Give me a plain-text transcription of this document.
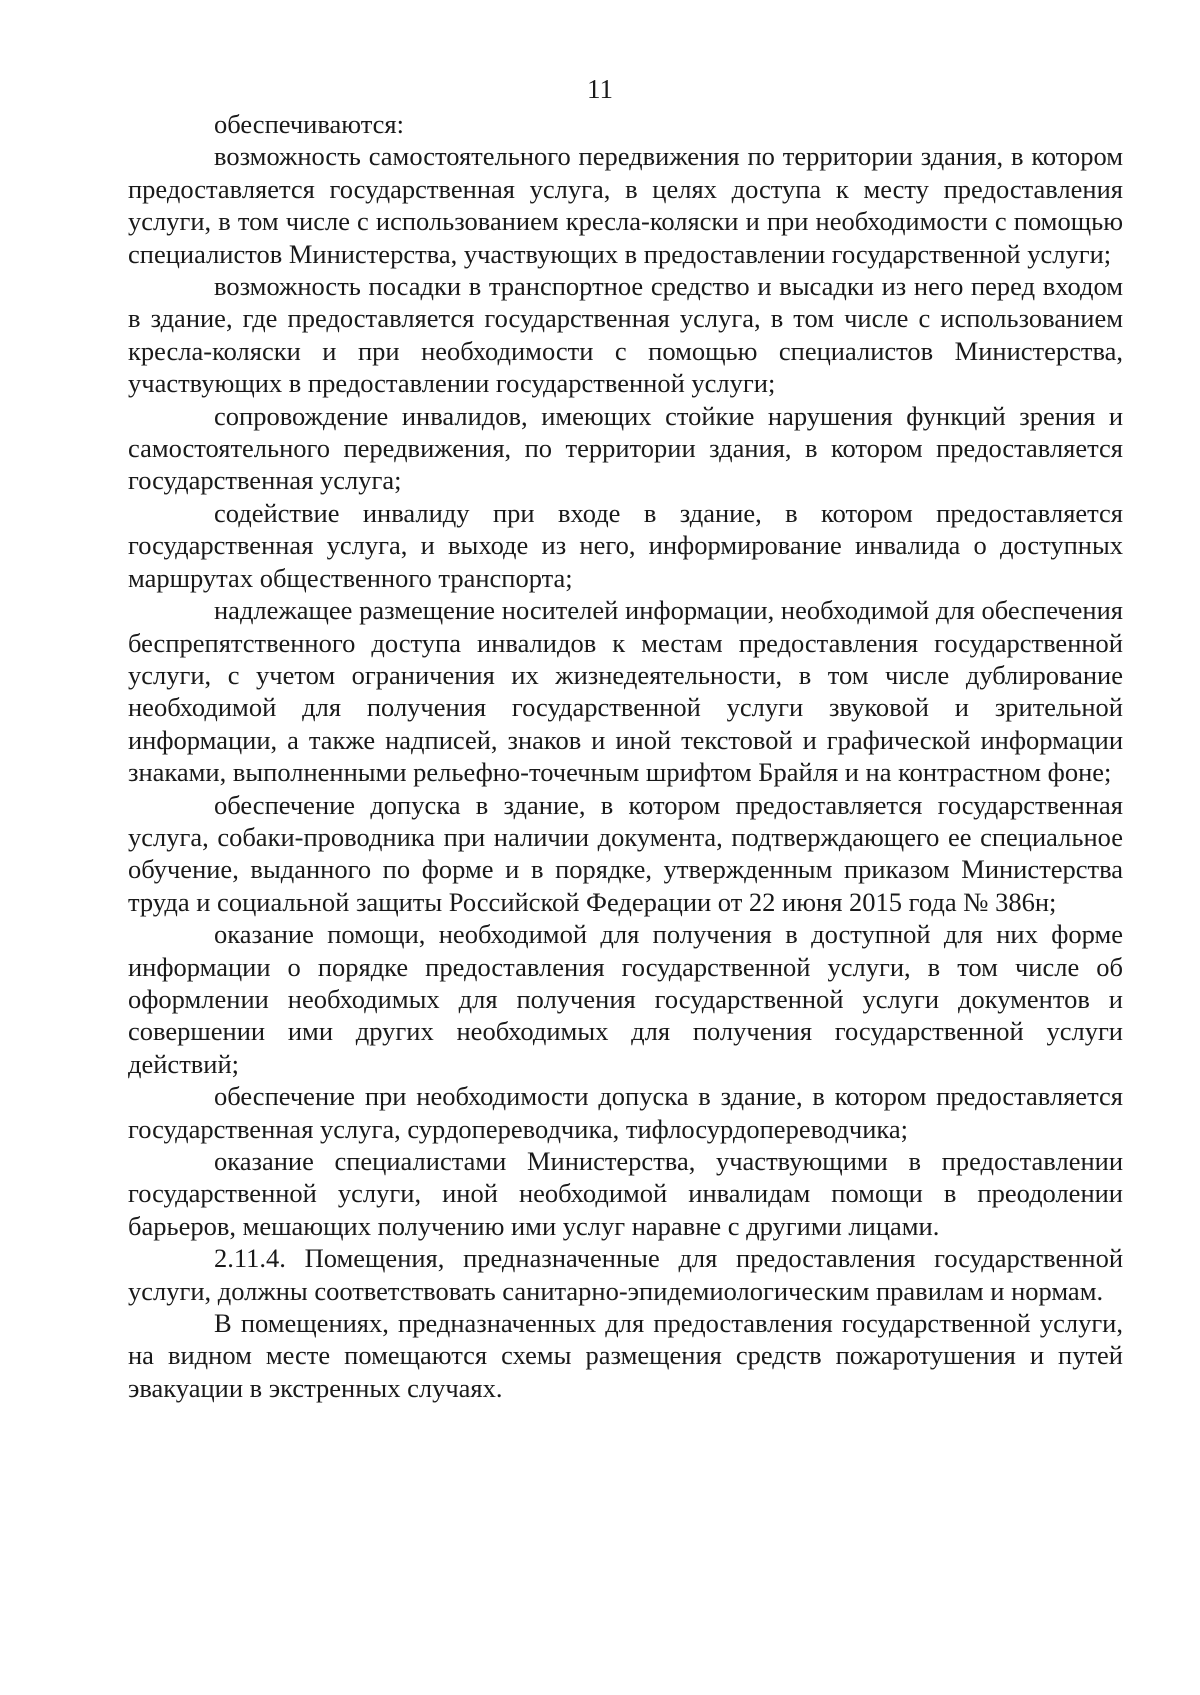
11

обеспечиваются:

возможность самостоятельного передвижения по территории здания, в котором предоставляется государственная услуга, в целях доступа к месту предоставления услуги, в том числе с использованием кресла-коляски и при необходимости с помощью специалистов Министерства, участвующих в предоставлении государственной услуги;

возможность посадки в транспортное средство и высадки из него перед входом в здание, где предоставляется государственная услуга, в том числе с использованием кресла-коляски и при необходимости с помощью специалистов Министерства, участвующих в предоставлении государственной услуги;

сопровождение инвалидов, имеющих стойкие нарушения функций зрения и самостоятельного передвижения, по территории здания, в котором предоставляется государственная услуга;

содействие инвалиду при входе в здание, в котором предоставляется государственная услуга, и выходе из него, информирование инвалида о доступных маршрутах общественного транспорта;

надлежащее размещение носителей информации, необходимой для обеспечения беспрепятственного доступа инвалидов к местам предоставления государственной услуги, с учетом ограничения их жизнедеятельности, в том числе дублирование необходимой для получения государственной услуги звуковой и зрительной информации, а также надписей, знаков и иной текстовой и графической информации знаками, выполненными рельефно-точечным шрифтом Брайля и на контрастном фоне;

обеспечение допуска в здание, в котором предоставляется государственная услуга, собаки-проводника при наличии документа, подтверждающего ее специальное обучение, выданного по форме и в порядке, утвержденным приказом Министерства труда и социальной защиты Российской Федерации от 22 июня 2015 года № 386н;

оказание помощи, необходимой для получения в доступной для них форме информации о порядке предоставления государственной услуги, в том числе об оформлении необходимых для получения государственной услуги документов и совершении ими других необходимых для получения государственной услуги действий;

обеспечение при необходимости допуска в здание, в котором предоставляется государственная услуга, сурдопереводчика, тифлосурдопереводчика;

оказание специалистами Министерства, участвующими в предоставлении государственной услуги, иной необходимой инвалидам помощи в преодолении барьеров, мешающих получению ими услуг наравне с другими лицами.

2.11.4. Помещения, предназначенные для предоставления государственной услуги, должны соответствовать санитарно-эпидемиологическим правилам и нормам.

В помещениях, предназначенных для предоставления государственной услуги, на видном месте помещаются схемы размещения средств пожаротушения и путей эвакуации в экстренных случаях.
